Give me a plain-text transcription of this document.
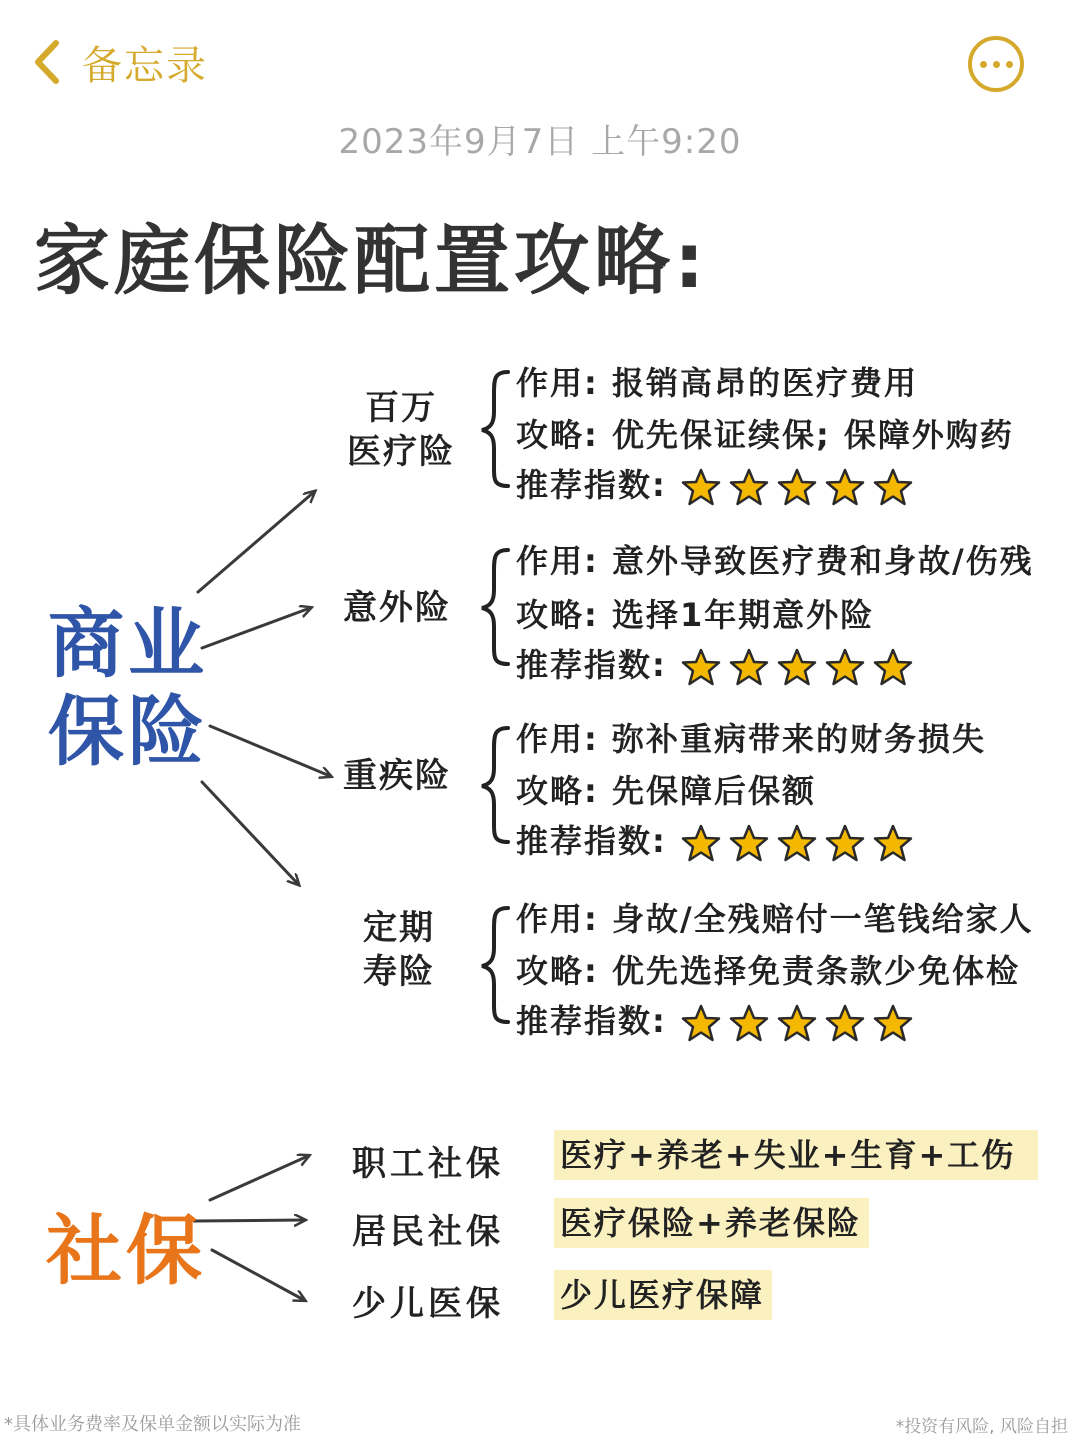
备忘录
2023年9月7日 上午9:20
家庭保险配置攻略:
商业
保险
百万
医疗险
作用: 报销高昂的医疗费用
攻略: 优先保证续保; 保障外购药
推荐指数:
意外险
作用: 意外导致医疗费和身故/伤残
攻略: 选择1年期意外险
推荐指数:
重疾险
作用: 弥补重病带来的财务损失
攻略: 先保障后保额
推荐指数:
定期
寿险
作用: 身故/全残赔付一笔钱给家人
攻略: 优先选择免责条款少免体检
推荐指数:
社保
职工社保 医疗+养老+失业+生育+工伤
居民社保 医疗保险+养老保险
少儿医保 少儿医疗保障
*具体业务费率及保单金额以实际为准	*投资有风险, 风险自担
